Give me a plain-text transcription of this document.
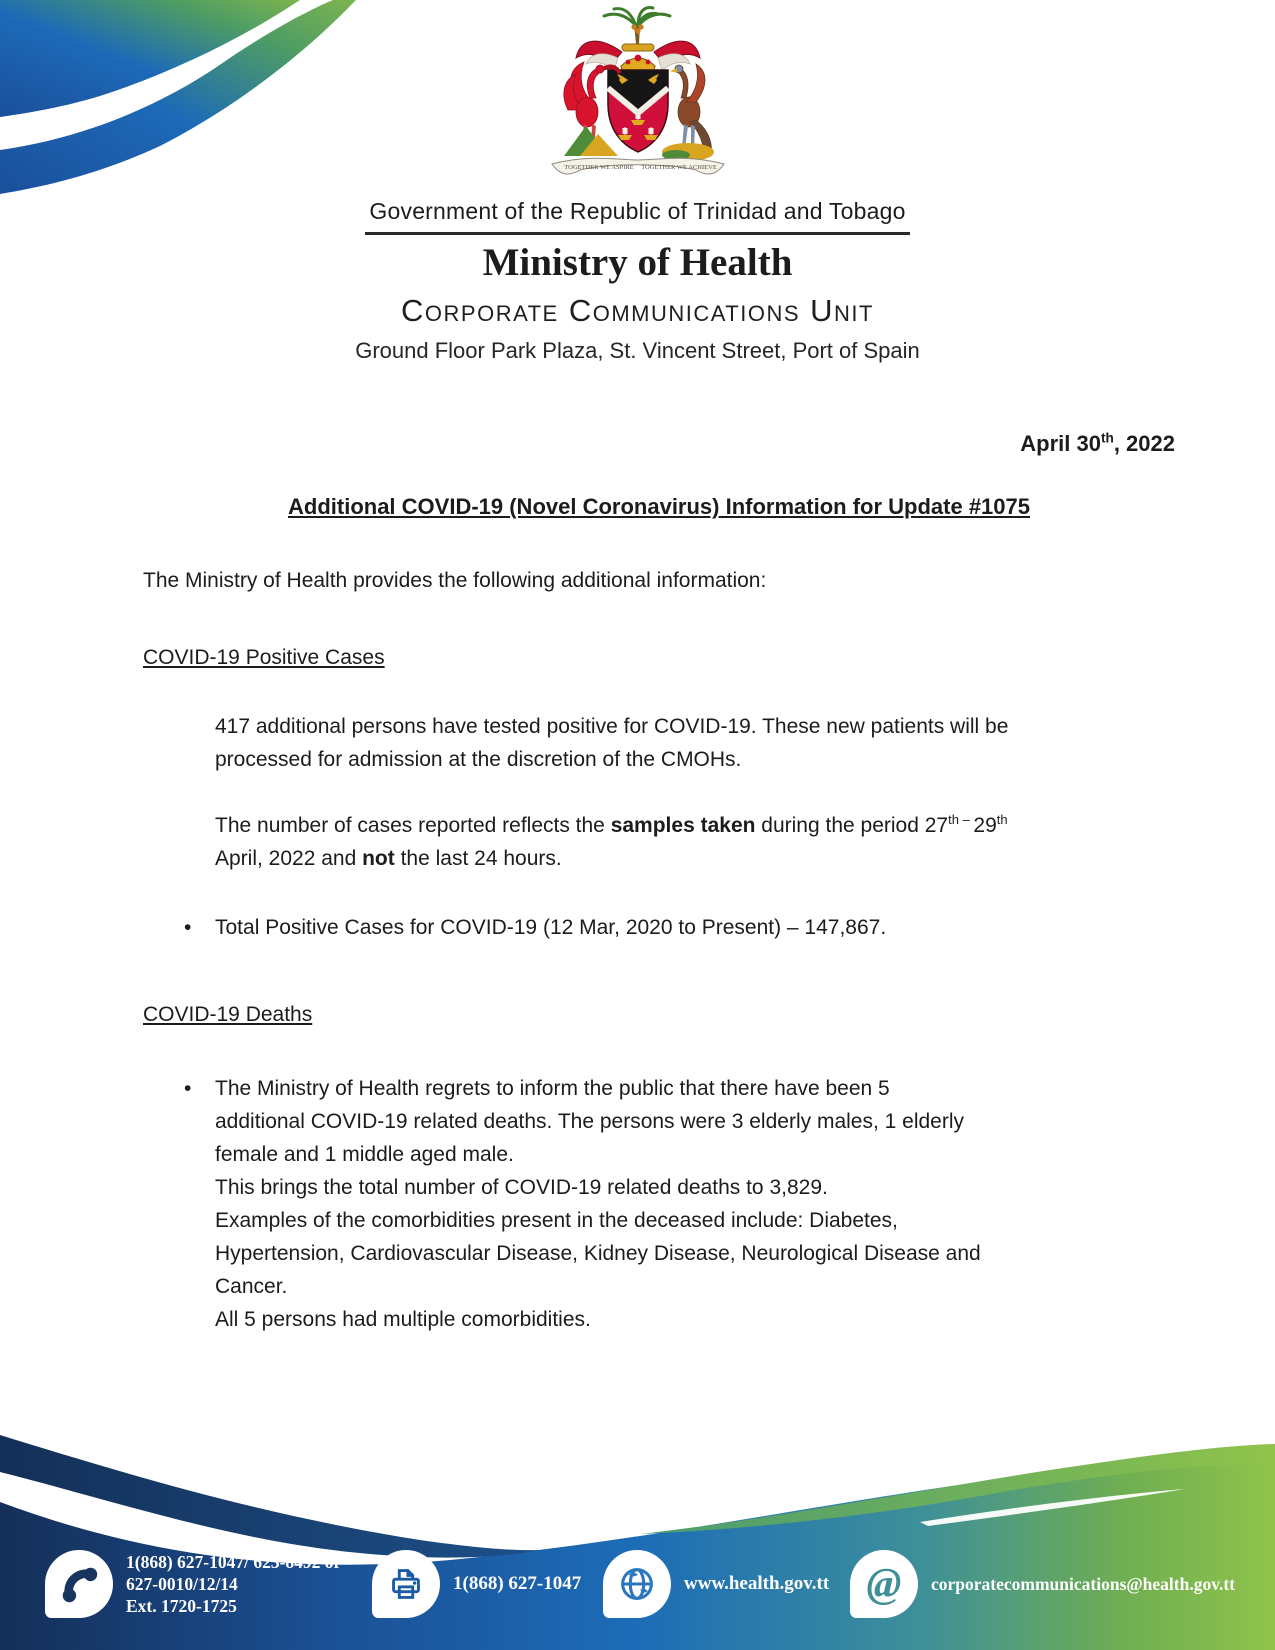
TOGETHER WE ASPIRE TOGETHER WE ACHIEVE
Government of the Republic of Trinidad and Tobago
Ministry of Health
Corporate Communications Unit
Ground Floor Park Plaza, St. Vincent Street, Port of Spain
April 30th, 2022
Additional COVID-19 (Novel Coronavirus) Information for Update #1075

The Ministry of Health provides the following additional information:

COVID-19 Positive Cases

417 additional persons have tested positive for COVID-19. These new patients will be
processed for admission at the discretion of the CMOHs.

The number of cases reported reflects the samples taken during the period $27^{th -}$ 29th
April, 2022 and not the last 24 hours.

• Total Positive Cases for COVID-19 (12 Mar, 2020 to Present) – 147,867.
COVID-19 Deaths
• The Ministry of Health regrets to inform the public that there have been 5
additional COVID-19 related deaths. The persons were 3 elderly males, 1 elderly
female and 1 middle aged male.
This brings the total number of COVID-19 related deaths to 3,829.
Examples of the comorbidities present in the deceased include: Diabetes,
Hypertension, Cardiovascular Disease, Kidney Disease, Neurological Disease and
Cancer.
All 5 persons had multiple comorbidities.
1(868) 627-1047/ 623-8492 or
627-0010/12/14
Ext. 1720-1725
1(868) 627-1047	www.health.gov.tt @ corporatecommunications@health.gov.tt
